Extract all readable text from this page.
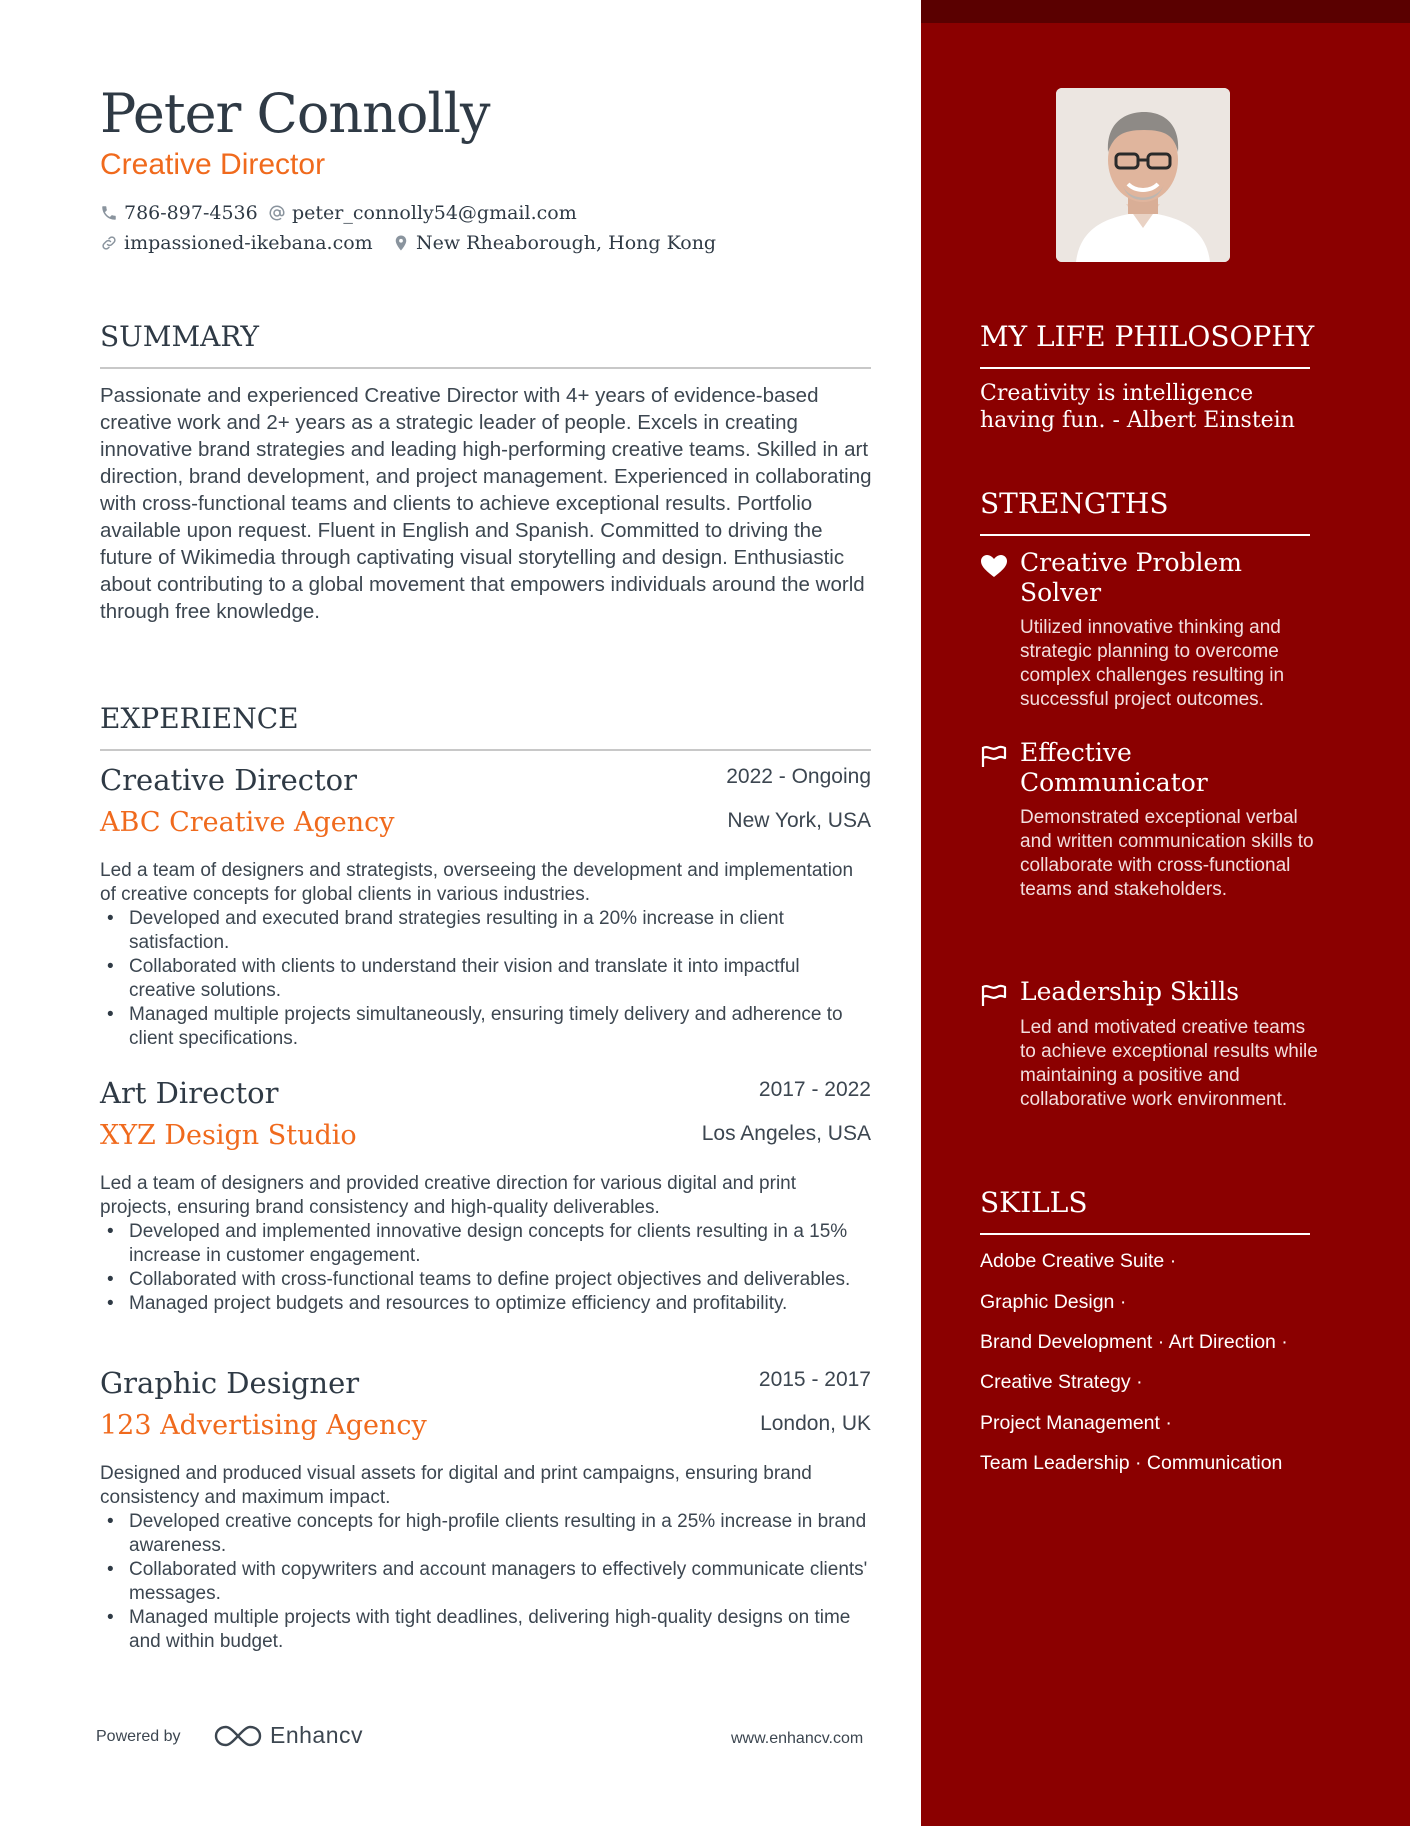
Peter Connolly
Creative Director
786-897-4536 peter_connolly54@gmail.com
impassioned-ikebana.com New Rheaborough, Hong Kong
SUMMARY
Passionate and experienced Creative Director with 4+ years of evidence-based creative work and 2+ years as a strategic leader of people. Excels in creating innovative brand strategies and leading high-performing creative teams. Skilled in art direction, brand development, and project management. Experienced in collaborating with cross-functional teams and clients to achieve exceptional results. Portfolio available upon request. Fluent in English and Spanish. Committed to driving the future of Wikimedia through captivating visual storytelling and design. Enthusiastic about contributing to a global movement that empowers individuals around the world through free knowledge.
EXPERIENCE
Creative Director	2022 - Ongoing
ABC Creative Agency	New York, USA
Led a team of designers and strategists, overseeing the development and implementation of creative concepts for global clients in various industries.
• Developed and executed brand strategies resulting in a 20% increase in client satisfaction.
• Collaborated with clients to understand their vision and translate it into impactful creative solutions.
• Managed multiple projects simultaneously, ensuring timely delivery and adherence to client specifications.
Art Director	2017 - 2022
XYZ Design Studio	Los Angeles, USA
Led a team of designers and provided creative direction for various digital and print projects, ensuring brand consistency and high-quality deliverables.
• Developed and implemented innovative design concepts for clients resulting in a 15% increase in customer engagement.
• Collaborated with cross-functional teams to define project objectives and deliverables.
• Managed project budgets and resources to optimize efficiency and profitability.
Graphic Designer	2015 - 2017
123 Advertising Agency	London, UK
Designed and produced visual assets for digital and print campaigns, ensuring brand consistency and maximum impact.
• Developed creative concepts for high-profile clients resulting in a 25% increase in brand awareness.
• Collaborated with copywriters and account managers to effectively communicate clients' messages.
• Managed multiple projects with tight deadlines, delivering high-quality designs on time and within budget.
MY LIFE PHILOSOPHY
Creativity is intelligence having fun. - Albert Einstein
STRENGTHS
Creative Problem Solver
Utilized innovative thinking and strategic planning to overcome complex challenges resulting in successful project outcomes.
Effective Communicator
Demonstrated exceptional verbal and written communication skills to collaborate with cross-functional teams and stakeholders.
Leadership Skills
Led and motivated creative teams to achieve exceptional results while maintaining a positive and collaborative work environment.
SKILLS
Adobe Creative Suite ·
Graphic Design ·
Brand Development · Art Direction ·
Creative Strategy ·
Project Management ·
Team Leadership · Communication
Powered by	Enhancv	www.enhancv.com
